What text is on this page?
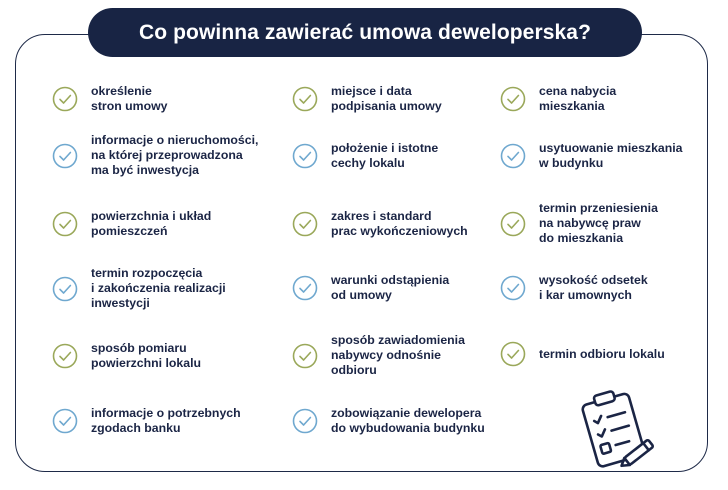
Co powinna zawierać umowa deweloperska?
określenie
stron umowy
miejsce i data
podpisania umowy
cena nabycia
mieszkania
informacje o nieruchomości,
na której przeprowadzona
ma być inwestycja
położenie i istotne
cechy lokalu
usytuowanie mieszkania
w budynku
powierzchnia i układ
pomieszczeń
zakres i standard
prac wykończeniowych
termin przeniesienia
na nabywcę praw
do mieszkania
termin rozpoczęcia
i zakończenia realizacji
inwestycji
warunki odstąpienia
od umowy
wysokość odsetek
i kar umownych
sposób pomiaru
powierzchni lokalu
sposób zawiadomienia
nabywcy odnośnie
odbioru
termin odbioru lokalu
informacje o potrzebnych
zgodach banku
zobowiązanie dewelopera
do wybudowania budynku
